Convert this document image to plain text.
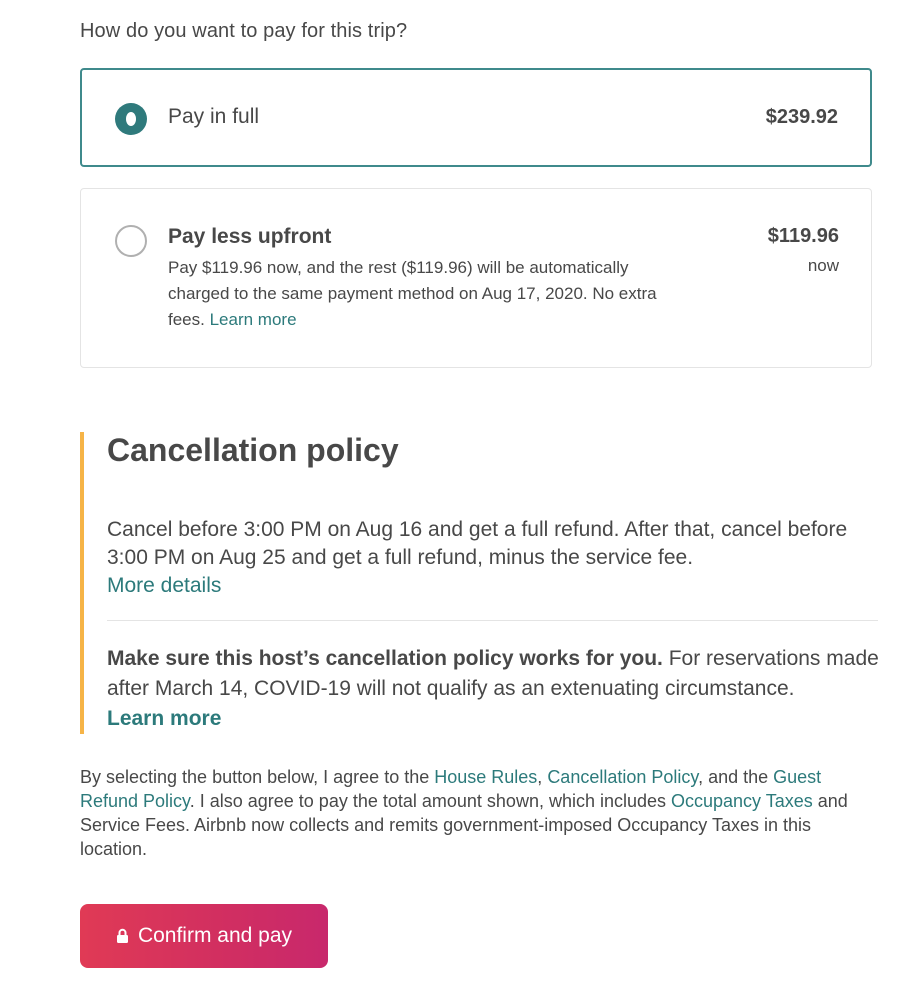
How do you want to pay for this trip?
Pay in full	$239.92
Pay less upfront	$119.96
now
Pay $119.96 now, and the rest ($119.96) will be automatically charged to the same payment method on Aug 17, 2020. No extra fees. Learn more
Cancellation policy
Cancel before 3:00 PM on Aug 16 and get a full refund. After that, cancel before 3:00 PM on Aug 25 and get a full refund, minus the service fee.
More details
Make sure this host’s cancellation policy works for you. For reservations made after March 14, COVID-19 will not qualify as an extenuating circumstance.
Learn more
By selecting the button below, I agree to the House Rules, Cancellation Policy, and the Guest Refund Policy. I also agree to pay the total amount shown, which includes Occupancy Taxes and Service Fees. Airbnb now collects and remits government-imposed Occupancy Taxes in this location.
Confirm and pay
